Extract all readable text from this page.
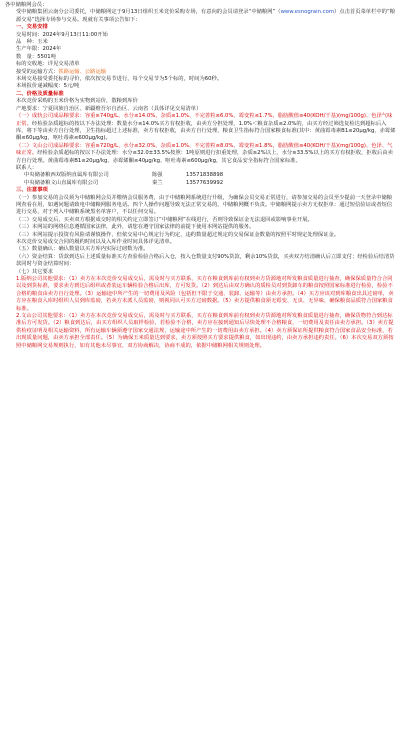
各中储粮网会员：

受中储粮集团云南分公司委托，中储粮网定于9月13日组织玉米竞价采购专场，有意向的会员请登录“中储粮网”（www.esnograin.com）点击首页菜单栏中的“粮源交易”选择专场参与交易。现就有关事项公告如下：

一、交易安排

交易时间：2024年9月13日11:00开始

品　种：玉米

生产年限：2024年

数　量：5501吨

标的交收地：详见交易清单

接受的运输方式：铁路运输、公路运输

本场交易接受委托标的寻价，依次按交易节进行，每个交易节为5个标的，时间为60秒。

本场报价递减幅度：5元/吨

二、价格及质量标准

本次竞价采购的玉米价格为实物到站价，散粮到库价

产地要求：宁夏回族自治区、新疆维吾尔自治区、云南省（具体详见交易清单）

（一）成轨公司成品粮要求：容重≥740g/L、水分≤14.0%、杂质≤1.0%、不完善粒≤6.0%、霉变粒≤1.7%、脂肪酸值≤40(KOH/干基)(mg/100g)、色泽气味正常。经检验杂质超标的按以下办法处理：数量水分≤14.0%买方有权拒收，由卖方分担处理，1.0%＜粮食杂质≤2.0%的，由买方经过筛选复检达到超标后入库，将下等由卖方自行处理，卫生指标超过上述标准，卖方有权拒收，由卖方自行处理，粮食卫生指标符合国家粮食标准(其中：黄曲霉毒素B1≤20μg/kg，赤霉烯酮≤60μg/kg，呕吐毒素≤600μg/kg)。

（二）文山公司成品粮要求：容重≥720g/L、水分≤32.0%、杂质≤1.0%、不完善粒≤8.0%、霉变粒≤1.8%，脂肪酸值≤40(KOH/干基)(mg/100g)、色泽、气味正常。经检验杂质超标的按以下办法处理：水分≤32.0±33.5%按照：1吨原则进行扣重处理，杂质≥2%以上，水分≥33.5%以上的买方有权拒收，拒收后由卖方自行处理。黄曲霉毒素B1≤20μg/kg、赤霉烯酮≤40μg/kg、呕吐毒素≤600μg/kg，其它食品安全指标符合国家标准。

联系人：

中央储备粮西双版纳直属库有限公司	陈强	13571838898
中央储备粮文山直属库有限公司	秦兰	13577639992

三、注意事项

（一）参加交易的会员须为中储粮网会员并缴纳会员服务费，由于中储粮网系统进行升级，为确保会员交易正常进行，请参加交易的会员至少提前一天登录中储粮网查看在用，如遇问题请致电中储粮网服务电话。四个人操作问题导致无法正常交易的，中储粮网概不负责。中储粮网提示卖方无权拒单：通过短信验证或者短信进行交易，对于列入中储粮系统黑名单客户，不以任何交易。

（二）交易成交后，买卖双方根据成交时的相关约定立即签订“中储粮网”在线进行，否则导致保证金无法退回或影响事业开展。

（三）本网站的网络信息遵循国家法律，此外，请您在遵守国家法律的前提下使用本网站提供的服务。

（三）本网站提示投资有风险请谨慎操作，但依交易中心规定行为约定，违约数量超过规定的交易保证金数量的按照平时规定处理保证金。

本次竞价交易成交合同的履约时间以及入库作业时间具体详见清单。

（五）数量确认：确认数量以买方库内实际过磅数为准。

（六）资金结算：货款到达后上述质量标准买方查验检验合格后入仓，按入仓数量支付90%货款，剩余10%货款，买卖双方结清确认后立即支付；经检验后结清货款同时与资金结算时间：

（七）其它要求

1.版纳公司其他要求：（1）卖方在本次竞价交易成交后，需及时与买方联系，买方在粮食到库前有权到卖方货源地对所发粮食质量进行抽查，确保保质量符合合同以及到货标准，要求卖方到达后组织或者装运车辆检验合格后出库，方可发货。（2）到达后由双方确认的质检员对到货卸车的粮食按照国家标准进行检验，检验不合格的粮食由卖方自行处理。（3）运输途中所产生的一切费用及风险（包括但不限于交通、装卸、运输等）由卖方承担。（4）买方应该对到库粮食出具过磅单，卖方应在粮食入库时组织人员到库监磅，若卖方未派人员监磅，则视同认可买方过磅数据。（5）卖方提供粮食须无霉变、无虫、无异味，确保粮食品质符合国家粮食标准。

2.文山公司其他要求：（1）卖方在本次竞价交易成交后，需及时与买方联系，买方在粮食到库前有权到卖方货源地对所发粮食质量进行抽查，确保货物符合到达标准后方可发货。（2）粮食到达后，由买方组织人员取样检验，若检验不合格，卖方应在接到通知后尽快处理不合格粮食，一切费用及责任由卖方承担。（3）卖方提供检疫证明及相关运输资料，所有运输车辆须遵守国家交通法规，运输途中所产生的一切费用由卖方承担。（4）卖方须保证所提供粮食符合国家食品安全标准，若出现质量问题，由卖方承担全部责任。（5）为确保玉米质量达到要求，卖方须按照买方要求提供粮食，如出现违约，由卖方承担违约责任。（6）本次交易双方须按照中储粮网交易规则执行，如有其他未尽事宜，双方协商解决，协商不成的，依据中储粮网相关规则处理。
